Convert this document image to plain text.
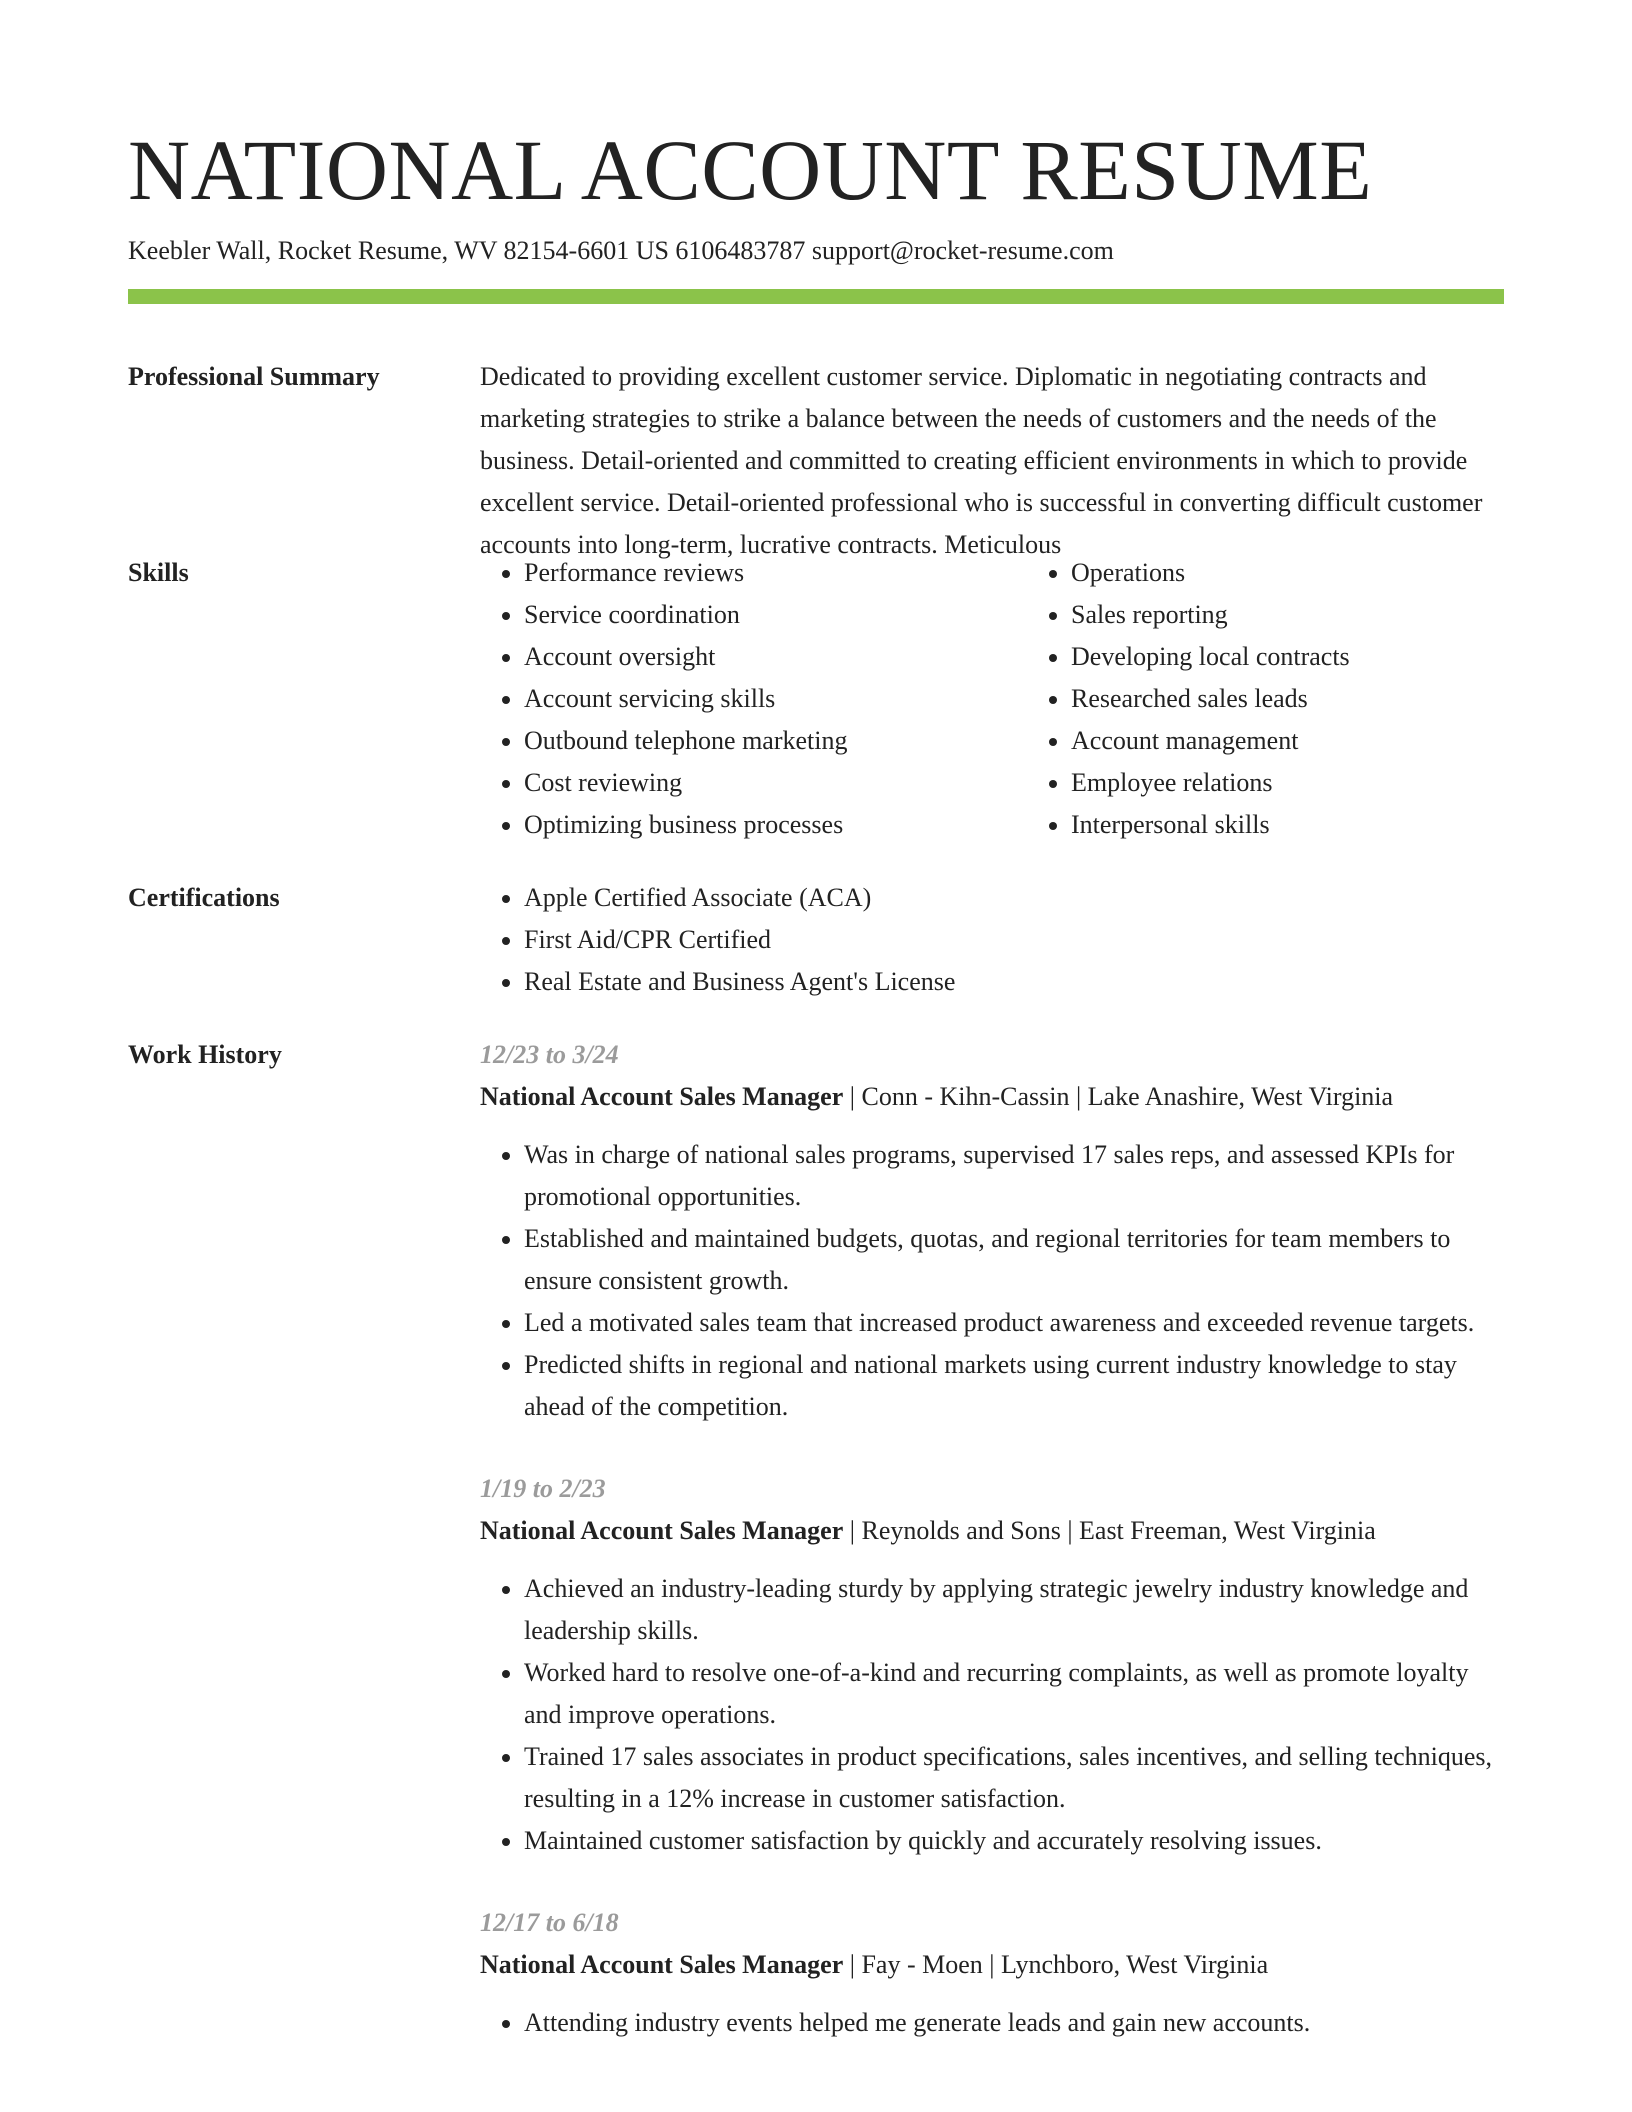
NATIONAL ACCOUNT RESUME
Keebler Wall, Rocket Resume, WV 82154-6601 US 6106483787 support@rocket-resume.com
Professional Summary	Dedicated to providing excellent customer service. Diplomatic in negotiating contracts and marketing strategies to strike a balance between the needs of customers and the needs of the business. Detail-oriented and committed to creating efficient environments in which to provide excellent service. Detail-oriented professional who is successful in converting difficult customer accounts into long-term, lucrative contracts. Meticulous

Skills	• Performance reviews
• Service coordination
• Account oversight
• Account servicing skills
• Outbound telephone marketing
• Cost reviewing
• Optimizing business processes
• Operations
• Sales reporting
• Developing local contracts
• Researched sales leads
• Account management
• Employee relations
• Interpersonal skills
Certifications	• Apple Certified Associate (ACA)
• First Aid/CPR Certified
• Real Estate and Business Agent's License
Work History	12/23 to 3/24
National Account Sales Manager | Conn - Kihn-Cassin | Lake Anashire, West Virginia
• Was in charge of national sales programs, supervised 17 sales reps, and assessed KPIs for promotional opportunities.
• Established and maintained budgets, quotas, and regional territories for team members to ensure consistent growth.
• Led a motivated sales team that increased product awareness and exceeded revenue targets.
• Predicted shifts in regional and national markets using current industry knowledge to stay ahead of the competition.
1/19 to 2/23
National Account Sales Manager | Reynolds and Sons | East Freeman, West Virginia
• Achieved an industry-leading sturdy by applying strategic jewelry industry knowledge and leadership skills.
• Worked hard to resolve one-of-a-kind and recurring complaints, as well as promote loyalty and improve operations.
• Trained 17 sales associates in product specifications, sales incentives, and selling techniques, resulting in a 12% increase in customer satisfaction.
• Maintained customer satisfaction by quickly and accurately resolving issues.
12/17 to 6/18
National Account Sales Manager | Fay - Moen | Lynchboro, West Virginia
• Attending industry events helped me generate leads and gain new accounts.
